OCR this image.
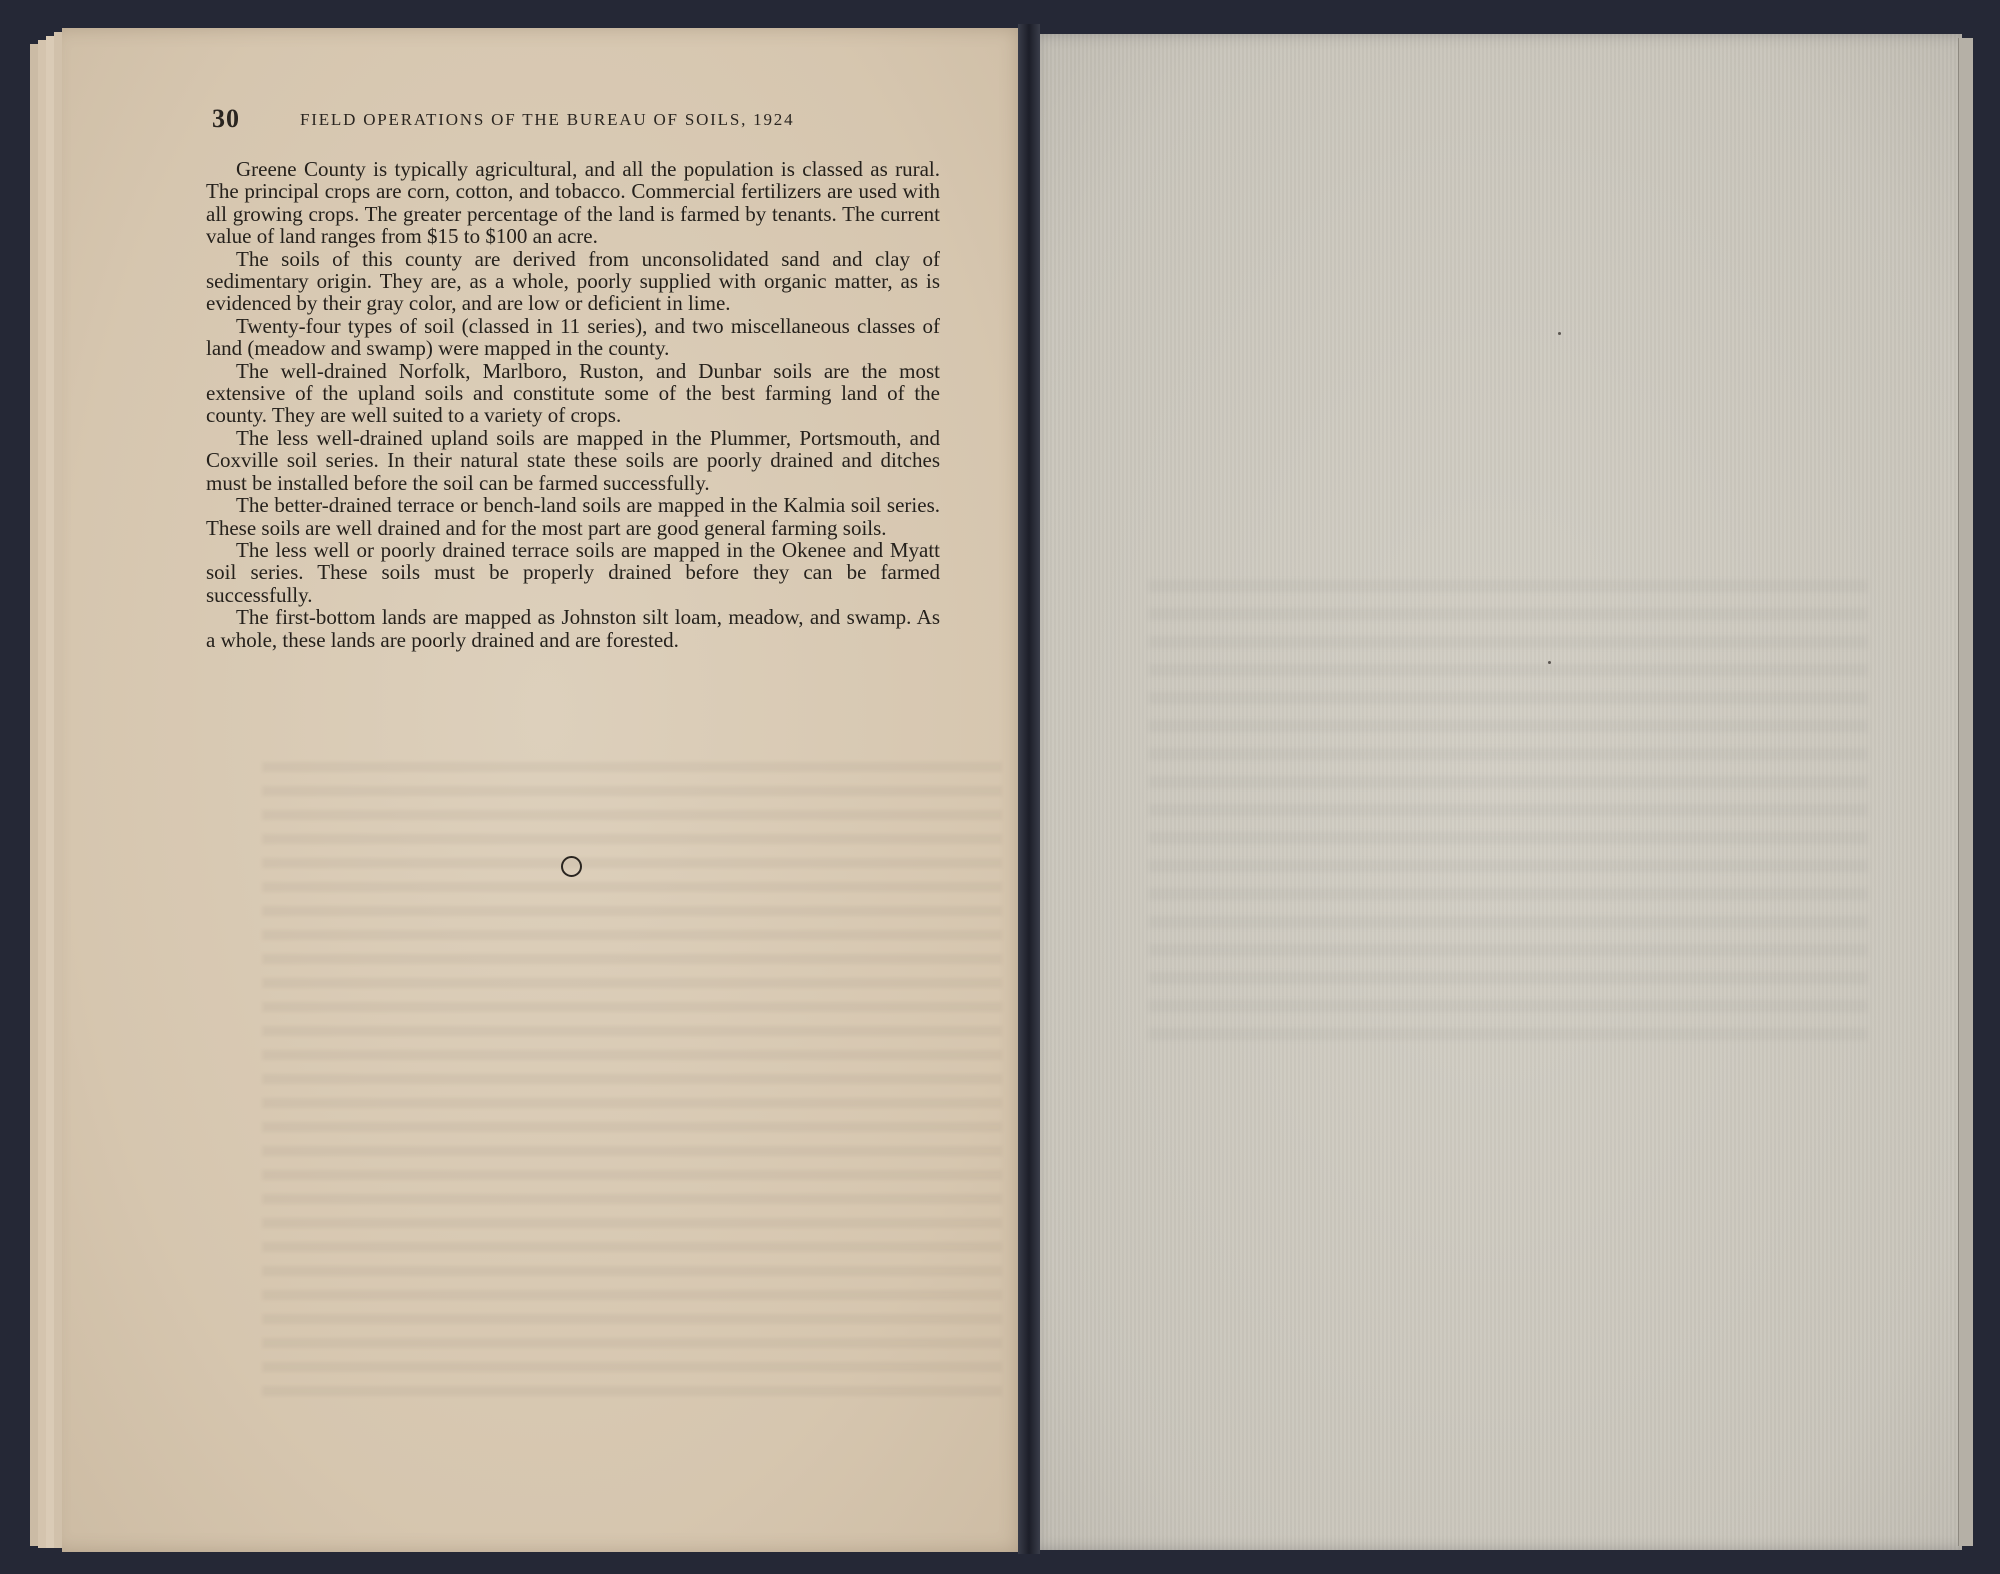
30	FIELD OPERATIONS OF THE BUREAU OF SOILS, 1924

Greene County is typically agricultural, and all the population is classed as rural. The principal crops are corn, cotton, and tobacco. Commercial fertilizers are used with all growing crops. The greater percentage of the land is farmed by tenants. The current value of land ranges from $15 to $100 an acre.

The soils of this county are derived from unconsolidated sand and clay of sedimentary origin. They are, as a whole, poorly supplied with organic matter, as is evidenced by their gray color, and are low or deficient in lime.

Twenty-four types of soil (classed in 11 series), and two miscellaneous classes of land (meadow and swamp) were mapped in the county.

The well-drained Norfolk, Marlboro, Ruston, and Dunbar soils are the most extensive of the upland soils and constitute some of the best farming land of the county. They are well suited to a variety of crops.

The less well-drained upland soils are mapped in the Plummer, Portsmouth, and Coxville soil series. In their natural state these soils are poorly drained and ditches must be installed before the soil can be farmed successfully.

The better-drained terrace or bench-land soils are mapped in the Kalmia soil series. These soils are well drained and for the most part are good general farming soils.

The less well or poorly drained terrace soils are mapped in the Okenee and Myatt soil series. These soils must be properly drained before they can be farmed successfully.

The first-bottom lands are mapped as Johnston silt loam, meadow, and swamp. As a whole, these lands are poorly drained and are forested.
